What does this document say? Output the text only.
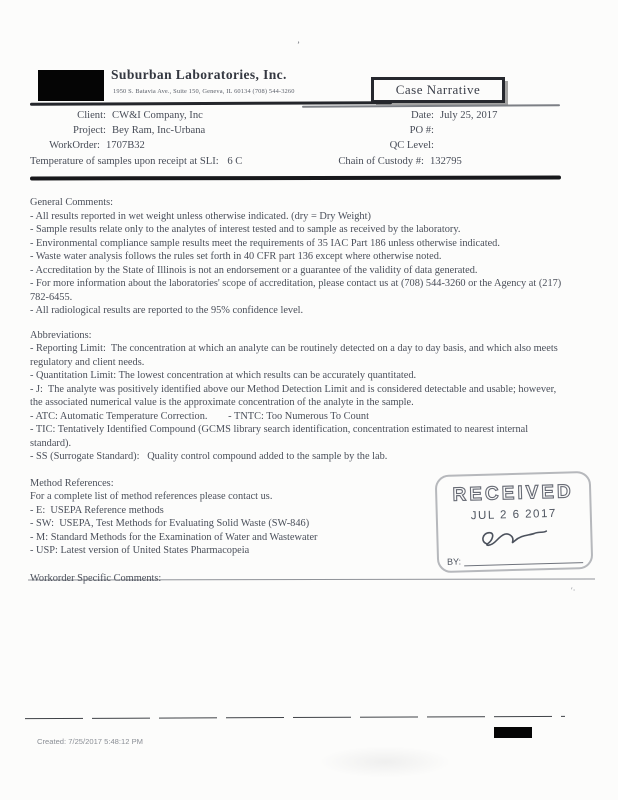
Suburban Laboratories, Inc.
1950 S. Batavia Ave., Suite 150, Geneva, IL 60134 (708) 544-3260	Case Narrative
Client: CW&I Company, Inc	Date: July 25, 2017
Project: Bey Ram, Inc-Urbana	PO #:
WorkOrder: 1707B32	QC Level:
Temperature of samples upon receipt at SLI: 6 C	Chain of Custody #: 132795
General Comments:
- All results reported in wet weight unless otherwise indicated. (dry = Dry Weight)
- Sample results relate only to the analytes of interest tested and to sample as received by the laboratory.
- Environmental compliance sample results meet the requirements of 35 IAC Part 186 unless otherwise indicated.
- Waste water analysis follows the rules set forth in 40 CFR part 136 except where otherwise noted.
- Accreditation by the State of Illinois is not an endorsement or a guarantee of the validity of data generated.
- For more information about the laboratories' scope of accreditation, please contact us at (708) 544-3260 or the Agency at (217) 782-6455.
- All radiological results are reported to the 95% confidence level.
Abbreviations:
- Reporting Limit:  The concentration at which an analyte can be routinely detected on a day to day basis, and which also meets regulatory and client needs.
- Quantitation Limit: The lowest concentration at which results can be accurately quantitated.
- J:  The analyte was positively identified above our Method Detection Limit and is considered detectable and usable; however, the associated numerical value is the approximate concentration of the analyte in the sample.
- ATC: Automatic Temperature Correction.        - TNTC: Too Numerous To Count
- TIC: Tentatively Identified Compound (GCMS library search identification, concentration estimated to nearest internal standard).
- SS (Surrogate Standard):   Quality control compound added to the sample by the lab.
Method References:
For a complete list of method references please contact us.
- E:  USEPA Reference methods
- SW:  USEPA, Test Methods for Evaluating Solid Waste (SW-846)
- M: Standard Methods for the Examination of Water and Wastewater
- USP: Latest version of United States Pharmacopeia
Workorder Specific Comments:
RECEIVED
JUL 2 6 2017
BY:
Created: 7/25/2017 5:48:12 PM
’
ʹ·
